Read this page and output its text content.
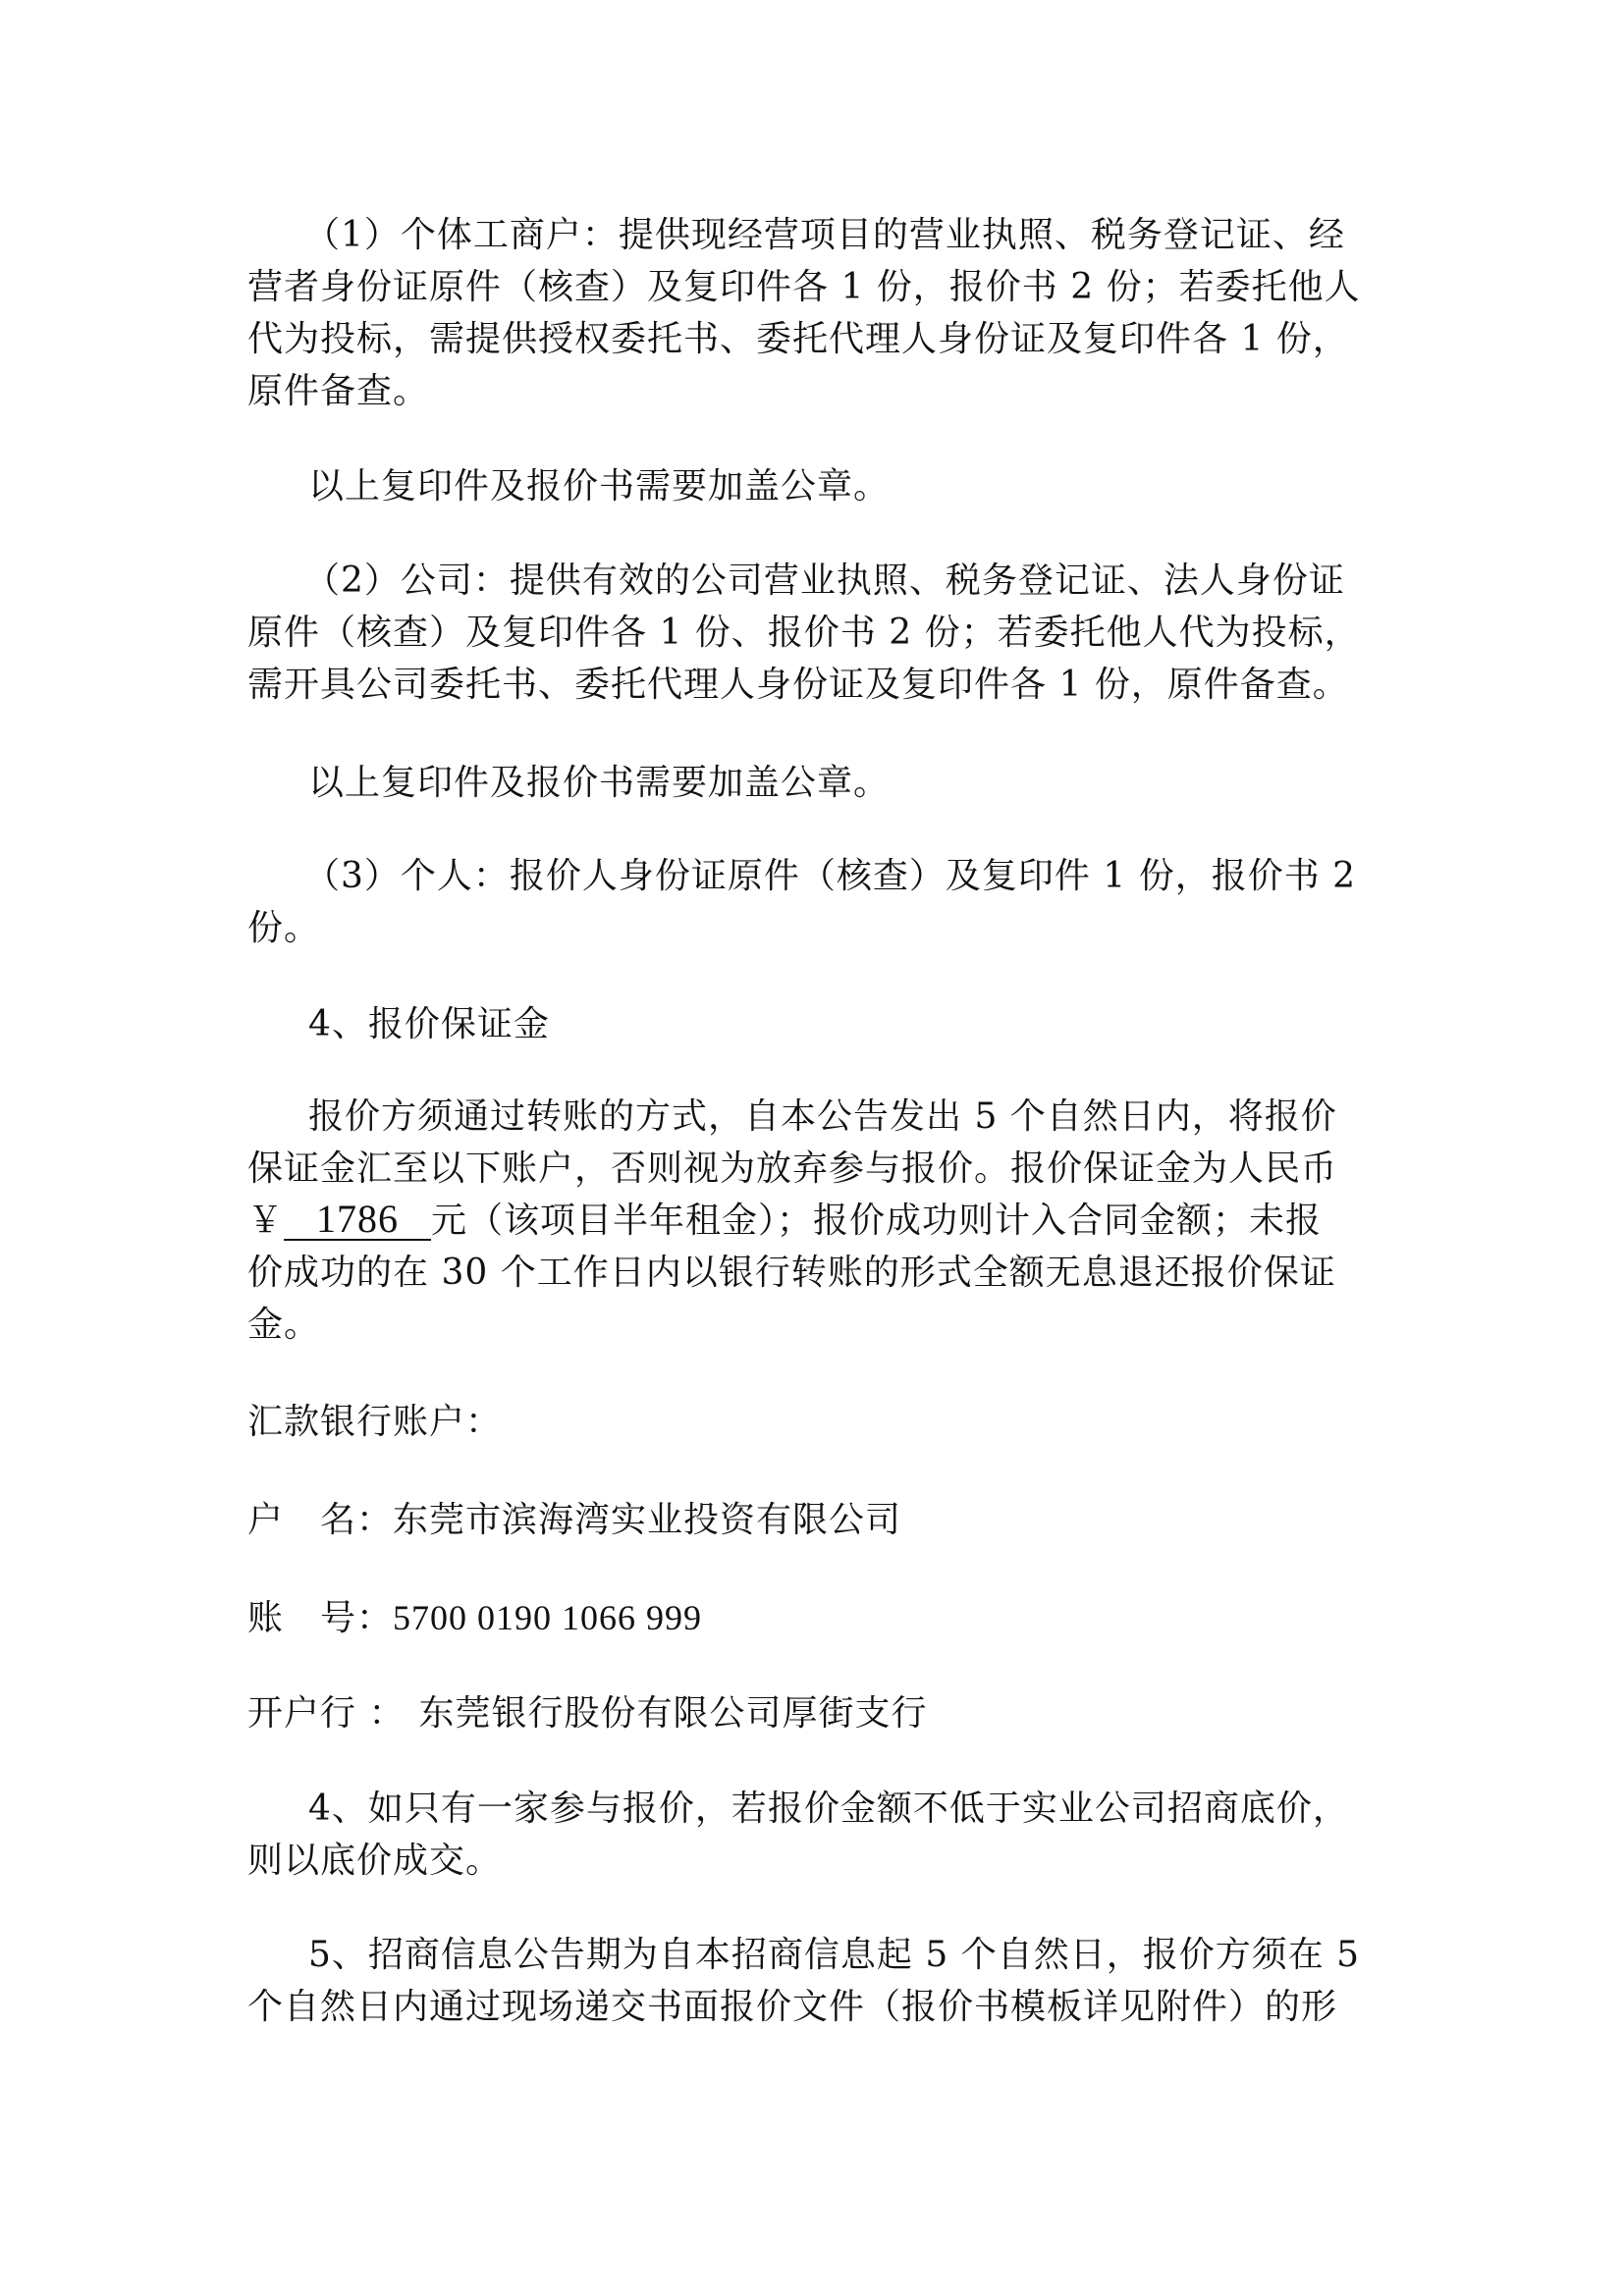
（1）个体工商户：提供现经营项目的营业执照、税务登记证、经
营者身份证原件（核查）及复印件各 1 份，报价书 2 份；若委托他人
代为投标，需提供授权委托书、委托代理人身份证及复印件各 1 份，
原件备查。

以上复印件及报价书需要加盖公章。

（2）公司：提供有效的公司营业执照、税务登记证、法人身份证
原件（核查）及复印件各 1 份、报价书 2 份；若委托他人代为投标，
需开具公司委托书、委托代理人身份证及复印件各 1 份，原件备查。

以上复印件及报价书需要加盖公章。

（3）个人：报价人身份证原件（核查）及复印件 1 份，报价书 2
份。

4、报价保证金

报价方须通过转账的方式，自本公告发出 5 个自然日内，将报价
保证金汇至以下账户，否则视为放弃参与报价。报价保证金为人民币
￥ 1786 元（该项目半年租金）；报价成功则计入合同金额；未报
价成功的在 30 个工作日内以银行转账的形式全额无息退还报价保证
金。

汇款银行账户：

户　名：东莞市滨海湾实业投资有限公司

账　号：5700 0190 1066 999

开户行 ： 东莞银行股份有限公司厚街支行

4、如只有一家参与报价，若报价金额不低于实业公司招商底价，
则以底价成交。

5、招商信息公告期为自本招商信息起 5 个自然日，报价方须在 5
个自然日内通过现场递交书面报价文件（报价书模板详见附件）的形
